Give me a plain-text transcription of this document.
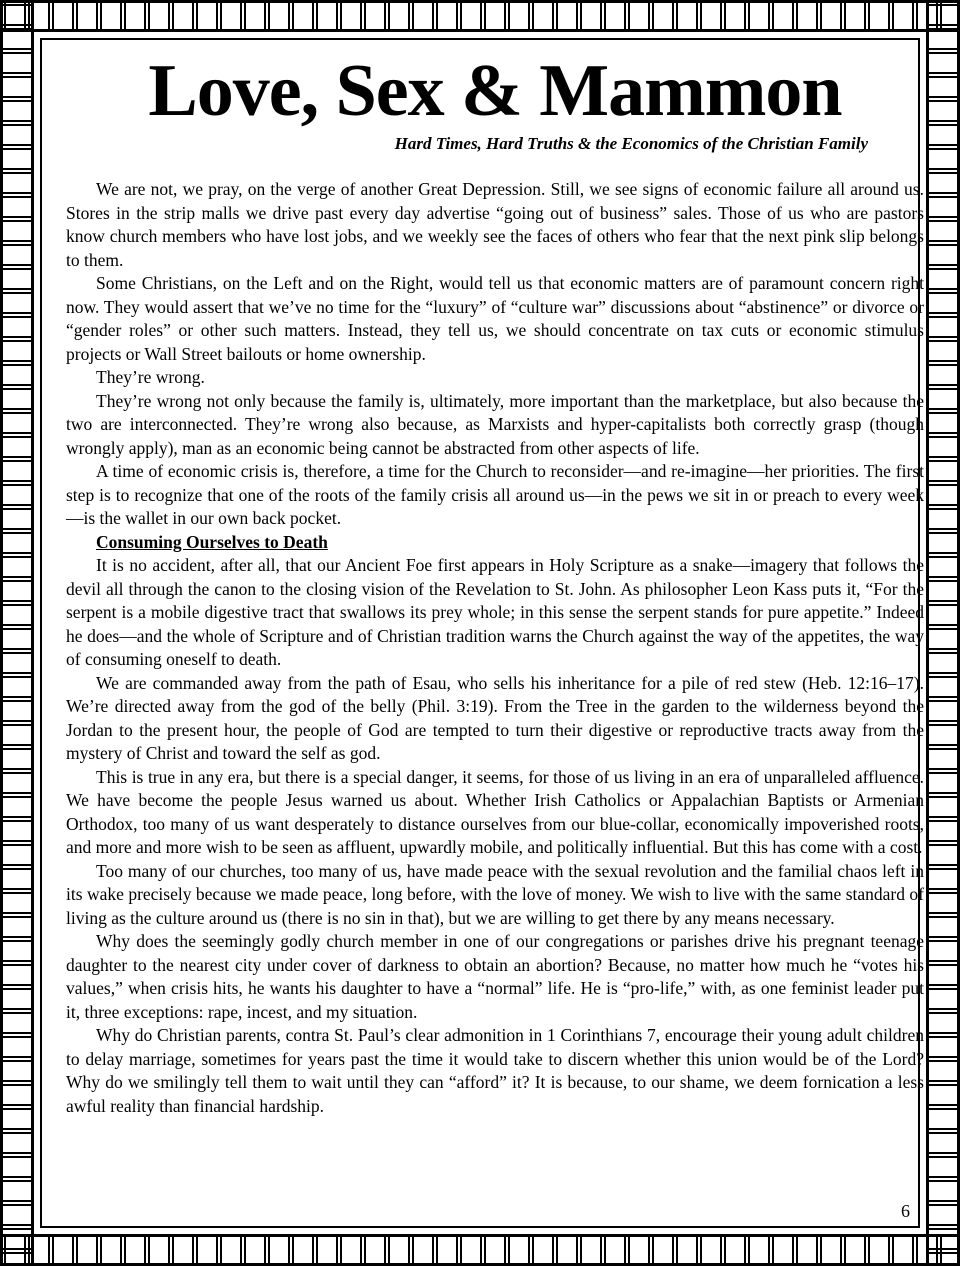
Love, Sex & Mammon
Hard Times, Hard Truths & the Economics of the Christian Family

We are not, we pray, on the verge of another Great Depression. Still, we see signs of economic failure all around us. Stores in the strip malls we drive past every day advertise “going out of business” sales. Those of us who are pastors know church members who have lost jobs, and we weekly see the faces of others who fear that the next pink slip belongs to them.

Some Christians, on the Left and on the Right, would tell us that economic matters are of paramount concern right now. They would assert that we’ve no time for the “luxury” of “culture war” discussions about “abstinence” or divorce or “gender roles” or other such matters. Instead, they tell us, we should concentrate on tax cuts or economic stimulus projects or Wall Street bailouts or home ownership.

They’re wrong.

They’re wrong not only because the family is, ultimately, more important than the marketplace, but also because the two are interconnected. They’re wrong also because, as Marxists and hyper-capitalists both correctly grasp (though wrongly apply), man as an economic being cannot be abstracted from other aspects of life.

A time of economic crisis is, therefore, a time for the Church to reconsider—and re-imagine—her priorities. The first step is to recognize that one of the roots of the family crisis all around us—in the pews we sit in or preach to every week—is the wallet in our own back pocket.

Consuming Ourselves to Death

It is no accident, after all, that our Ancient Foe first appears in Holy Scripture as a snake—imagery that follows the devil all through the canon to the closing vision of the Revelation to St. John. As philosopher Leon Kass puts it, “For the serpent is a mobile digestive tract that swallows its prey whole; in this sense the serpent stands for pure appetite.” Indeed he does—and the whole of Scripture and of Christian tradition warns the Church against the way of the appetites, the way of consuming oneself to death.

We are commanded away from the path of Esau, who sells his inheritance for a pile of red stew (Heb. 12:16–17). We’re directed away from the god of the belly (Phil. 3:19). From the Tree in the garden to the wilderness beyond the Jordan to the present hour, the people of God are tempted to turn their digestive or reproductive tracts away from the mystery of Christ and toward the self as god.

This is true in any era, but there is a special danger, it seems, for those of us living in an era of unparalleled affluence. We have become the people Jesus warned us about. Whether Irish Catholics or Appalachian Baptists or Armenian Orthodox, too many of us want desperately to distance ourselves from our blue-collar, economically impoverished roots, and more and more wish to be seen as affluent, upwardly mobile, and politically influential. But this has come with a cost.

Too many of our churches, too many of us, have made peace with the sexual revolution and the familial chaos left in its wake precisely because we made peace, long before, with the love of money. We wish to live with the same standard of living as the culture around us (there is no sin in that), but we are willing to get there by any means necessary.

Why does the seemingly godly church member in one of our congregations or parishes drive his pregnant teenage daughter to the nearest city under cover of darkness to obtain an abortion? Because, no matter how much he “votes his values,” when crisis hits, he wants his daughter to have a “normal” life. He is “pro-life,” with, as one feminist leader put it, three exceptions: rape, incest, and my situation.

Why do Christian parents, contra St. Paul’s clear admonition in 1 Corinthians 7, encourage their young adult children to delay marriage, sometimes for years past the time it would take to discern whether this union would be of the Lord? Why do we smilingly tell them to wait until they can “afford” it? It is because, to our shame, we deem fornication a less awful reality than financial hardship.

6
